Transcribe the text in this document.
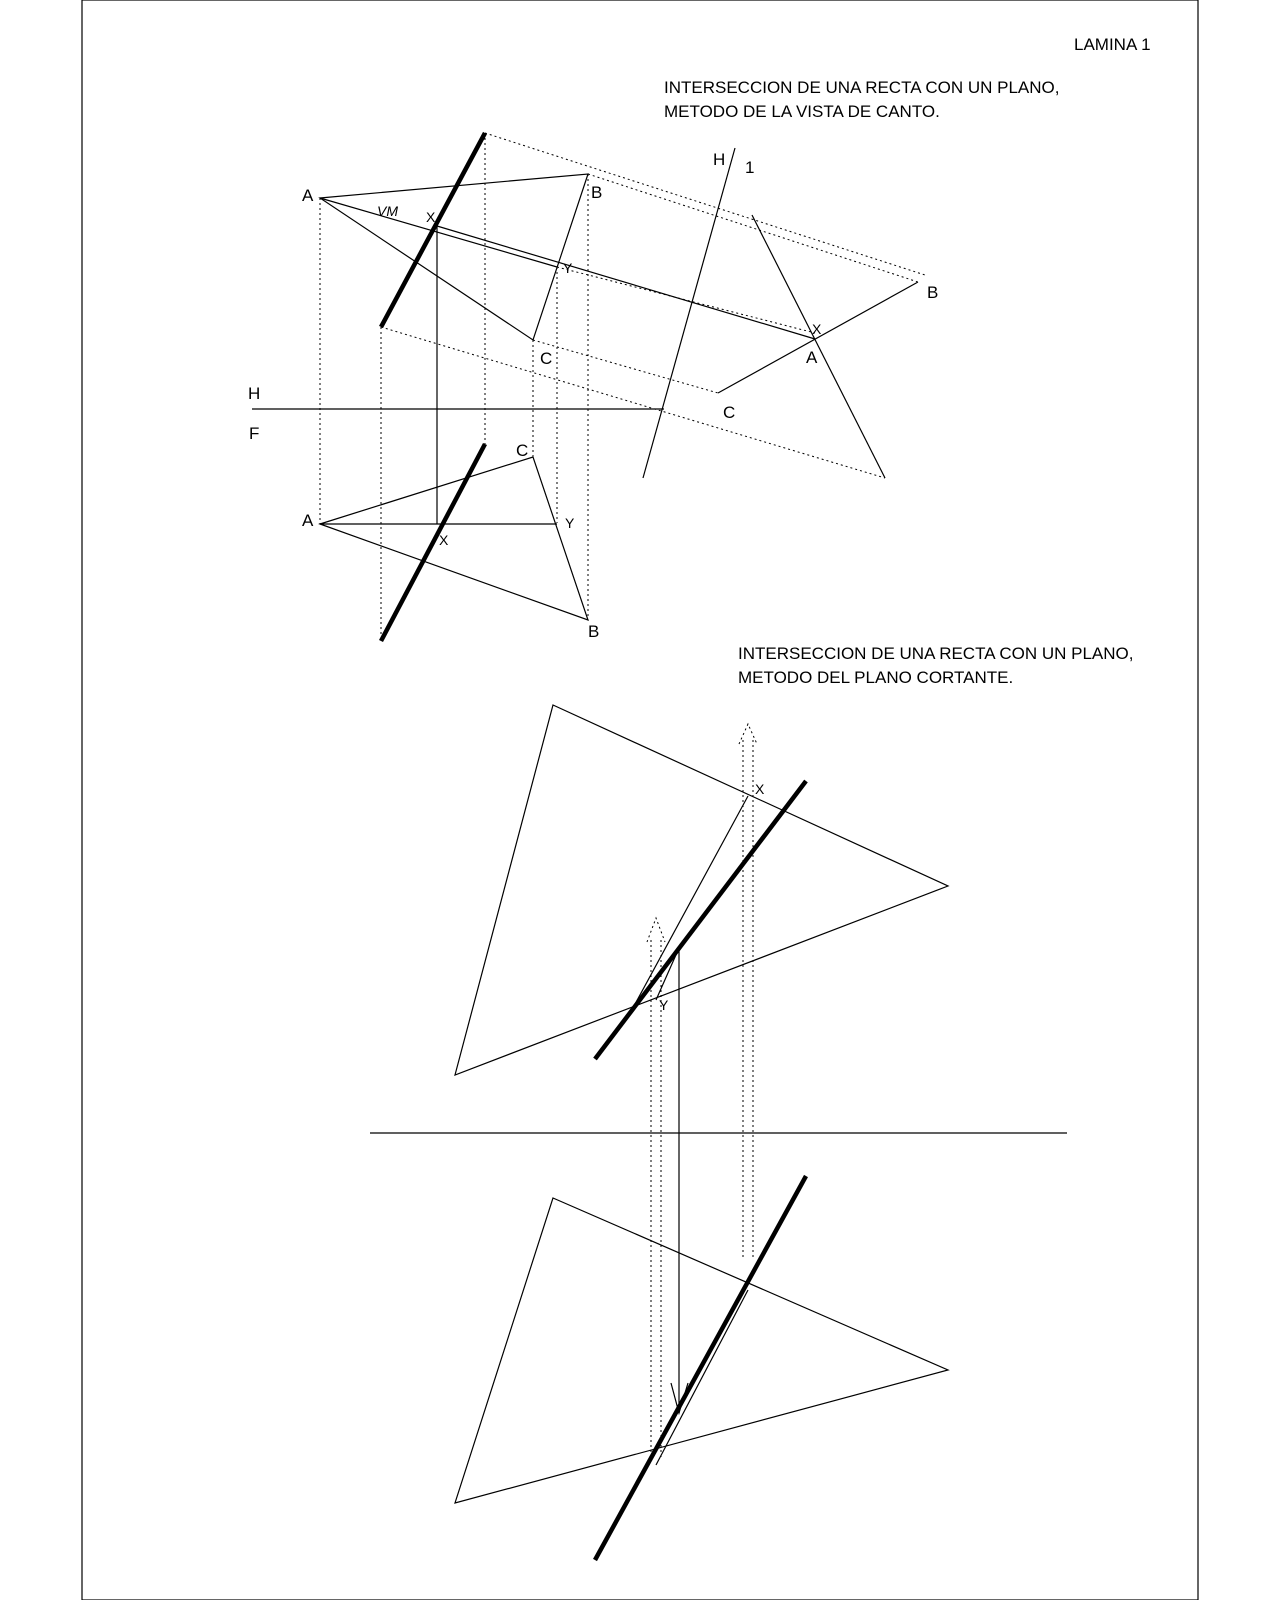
LAMINA 1
INTERSECCION DE UNA RECTA CON UN PLANO,
METODO DE LA VISTA DE CANTO.
H
F
H 1
A	B
C
X
Y
VM
A
C
B
X
Y
B
X
A
C
INTERSECCION DE UNA RECTA CON UN PLANO,
METODO DEL PLANO CORTANTE.
X
Y
